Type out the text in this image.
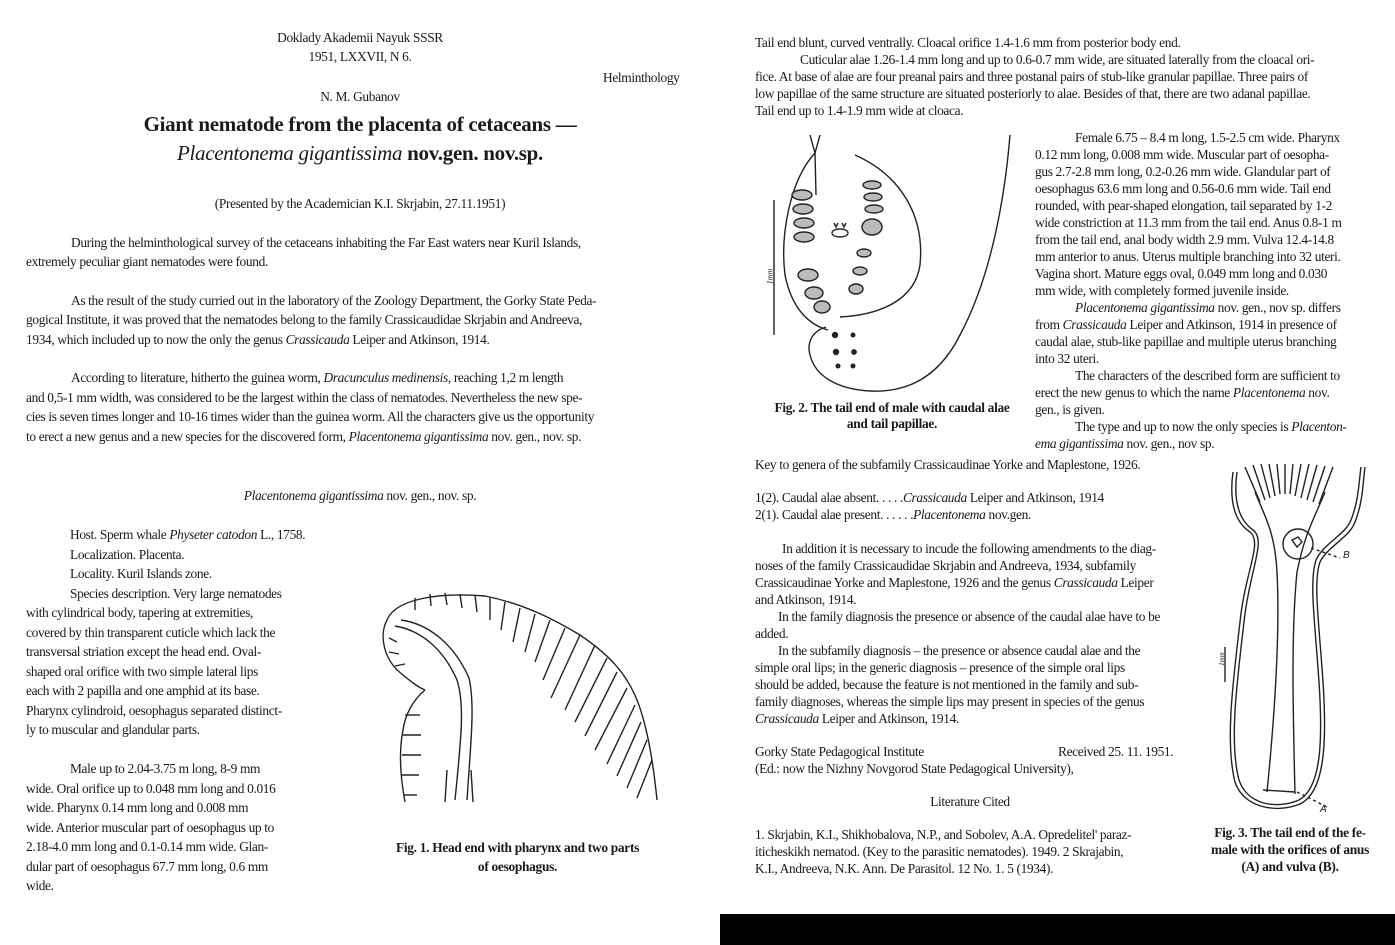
Doklady Akademii Nayuk SSSR
1951, LXXVII, N 6.
Helminthology
N. M. Gubanov
Giant nematode from the placenta of cetaceans —
Placentonema gigantissima nov.gen. nov.sp.
(Presented by the Academician K.I. Skrjabin, 27.11.1951)
During the helminthological survey of the cetaceans inhabiting the Far East waters near Kuril Islands,
extremely peculiar giant nematodes were found.
As the result of the study curried out in the laboratory of the Zoology Department, the Gorky State Peda-
gogical Institute, it was proved that the nematodes belong to the family Crassicaudidae Skrjabin and Andreeva,
1934, which included up to now the only the genus Crassicauda Leiper and Atkinson, 1914.
According to literature, hitherto the guinea worm, Dracunculus medinensis, reaching 1,2 m length
and 0,5-1 mm width, was considered to be the largest within the class of nematodes. Nevertheless the new spe-
cies is seven times longer and 10-16 times wider than the guinea worm. All the characters give us the opportunity
to erect a new genus and a new species for the discovered form, Placentonema gigantissima nov. gen., nov. sp.
Placentonema gigantissima nov. gen., nov. sp.
Host. Sperm whale Physeter catodon L., 1758.
Localization. Placenta.
Locality. Kuril Islands zone.
Species description. Very large nematodes
with cylindrical body, tapering at extremities,
covered by thin transparent cuticle which lack the
transversal striation except the head end. Oval-
shaped oral orifice with two simple lateral lips
each with 2 papilla and one amphid at its base.
Pharynx cylindroid, oesophagus separated distinct-
ly to muscular and glandular parts.
Male up to 2.04-3.75 m long, 8-9 mm
wide. Oral orifice up to 0.048 mm long and 0.016
wide. Pharynx 0.14 mm long and 0.008 mm
wide. Anterior muscular part of oesophagus up to
2.18-4.0 mm long and 0.1-0.14 mm wide. Glan-
dular part of oesophagus 67.7 mm long, 0.6 mm
wide.
Fig. 1. Head end with pharynx and two parts
of oesophagus.
Tail end blunt, curved ventrally. Cloacal orifice 1.4-1.6 mm from posterior body end.
Cuticular alae 1.26-1.4 mm long and up to 0.6-0.7 mm wide, are situated laterally from the cloacal ori-
fice. At base of alae are four preanal pairs and three postanal pairs of stub-like granular papillae. Three pairs of
low papillae of the same structure are situated posteriorly to alae. Besides of that, there are two adanal papillae.
Tail end up to 1.4-1.9 mm wide at cloaca.
1mm
Fig. 2. The tail end of male with caudal alae
and tail papillae.
Female 6.75 – 8.4 m long, 1.5-2.5 cm wide. Pharynx
0.12 mm long, 0.008 mm wide. Muscular part of oesopha-
gus 2.7-2.8 mm long, 0.2-0.26 mm wide. Glandular part of
oesophagus 63.6 mm long and 0.56-0.6 mm wide. Tail end
rounded, with pear-shaped elongation, tail separated by 1-2
wide constriction at 11.3 mm from the tail end. Anus 0.8-1 m
from the tail end, anal body width 2.9 mm. Vulva 12.4-14.8
mm anterior to anus. Uterus multiple branching into 32 uteri.
Vagina short. Mature eggs oval, 0.049 mm long and 0.030
mm wide, with completely formed juvenile inside.
Placentonema gigantissima nov. gen., nov sp. differs
from Crassicauda Leiper and Atkinson, 1914 in presence of
caudal alae, stub-like papillae and multiple uterus branching
into 32 uteri.
The characters of the described form are sufficient to
erect the new genus to which the name Placentonema nov.
gen., is given.
The type and up to now the only species is Placenton-
ema gigantissima nov. gen., nov sp.
Key to genera of the subfamily Crassicaudinae Yorke and Maplestone, 1926.
1(2). Caudal alae absent. . . . .Crassicauda Leiper and Atkinson, 1914
2(1). Caudal alae present. . . . . .Placentonema nov.gen.
In addition it is necessary to incude the following amendments to the diag-
noses of the family Crassicaudidae Skrjabin and Andreeva, 1934, subfamily
Crassicaudinae Yorke and Maplestone, 1926 and the genus Crassicauda Leiper
and Atkinson, 1914.
In the family diagnosis the presence or absence of the caudal alae have to be
added.
In the subfamily diagnosis – the presence or absence caudal alae and the
simple oral lips; in the generic diagnosis – presence of the simple oral lips
should be added, because the feature is not mentioned in the family and sub-
family diagnoses, whereas the simple lips may present in species of the genus
Crassicauda Leiper and Atkinson, 1914.
Gorky State Pedagogical Institute	Received 25. 11. 1951.
(Ed.: now the Nizhny Novgorod State Pedagogical University),
Literature Cited
1. Skrjabin, K.I., Shikhobalova, N.P., and Sobolev, A.A. Opredelitel' paraz-
iticheskikh nematod. (Key to the parasitic nematodes). 1949. 2 Skrajabin,
K.I., Andreeva, N.K. Ann. De Parasitol. 12 No. 1. 5 (1934).
B
A
1mm
Fig. 3. The tail end of the fe-
male with the orifices of anus
(A) and vulva (B).
